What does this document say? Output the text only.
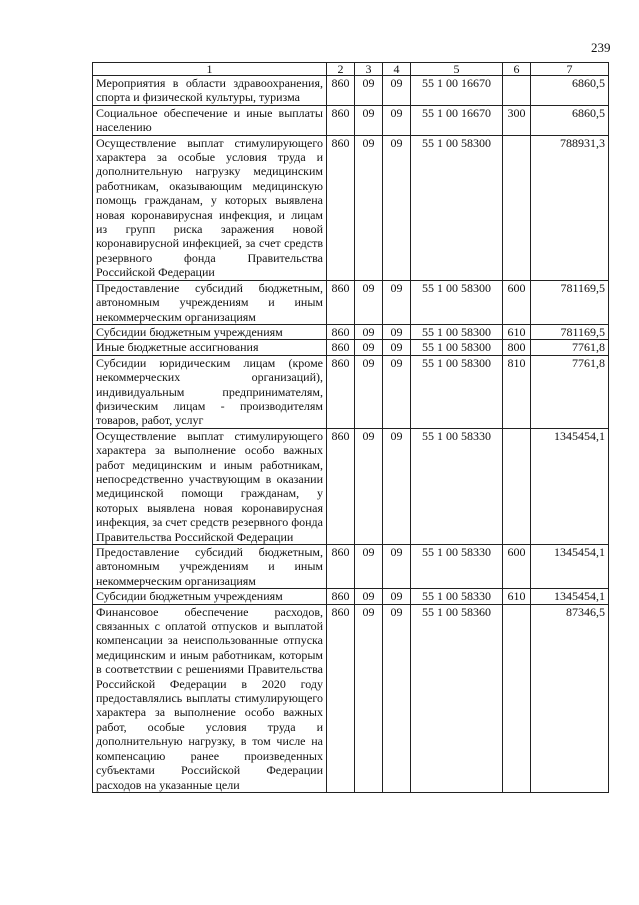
239
1	2	3	4	5	6	7
Мероприятия в области здравоохранения, спорта и физической культуры, туризма	860	09	09	55 1 00 16670		6860,5
Социальное обеспечение и иные выплаты населению	860	09	09	55 1 00 16670	300	6860,5
Осуществление выплат стимулирующего характера за особые условия труда и дополнительную нагрузку медицинским работникам, оказывающим медицинскую помощь гражданам, у которых выявлена новая коронавирусная инфекция, и лицам из групп риска заражения новой коронавирусной инфекцией, за счет средств резервного фонда Правительства Российской Федерации	860	09	09	55 1 00 58300		788931,3
Предоставление субсидий бюджетным, автономным учреждениям и иным некоммерческим организациям	860	09	09	55 1 00 58300	600	781169,5
Субсидии бюджетным учреждениям	860	09	09	55 1 00 58300	610	781169,5
Иные бюджетные ассигнования	860	09	09	55 1 00 58300	800	7761,8
Субсидии юридическим лицам (кроме некоммерческих организаций), индивидуальным предпринимателям, физическим лицам - производителям товаров, работ, услуг	860	09	09	55 1 00 58300	810	7761,8
Осуществление выплат стимулирующего характера за выполнение особо важных работ медицинским и иным работникам, непосредственно участвующим в оказании медицинской помощи гражданам, у которых выявлена новая коронавирусная инфекция, за счет средств резервного фонда Правительства Российской Федерации	860	09	09	55 1 00 58330		1345454,1
Предоставление субсидий бюджетным, автономным учреждениям и иным некоммерческим организациям	860	09	09	55 1 00 58330	600	1345454,1
Субсидии бюджетным учреждениям	860	09	09	55 1 00 58330	610	1345454,1
Финансовое обеспечение расходов, связанных с оплатой отпусков и выплатой компенсации за неиспользованные отпуска медицинским и иным работникам, которым в соответствии с решениями Правительства Российской Федерации в 2020 году предоставлялись выплаты стимулирующего характера за выполнение особо важных работ, особые условия труда и дополнительную нагрузку, в том числе на компенсацию ранее произведенных субъектами Российской Федерации расходов на указанные цели	860	09	09	55 1 00 58360		87346,5
